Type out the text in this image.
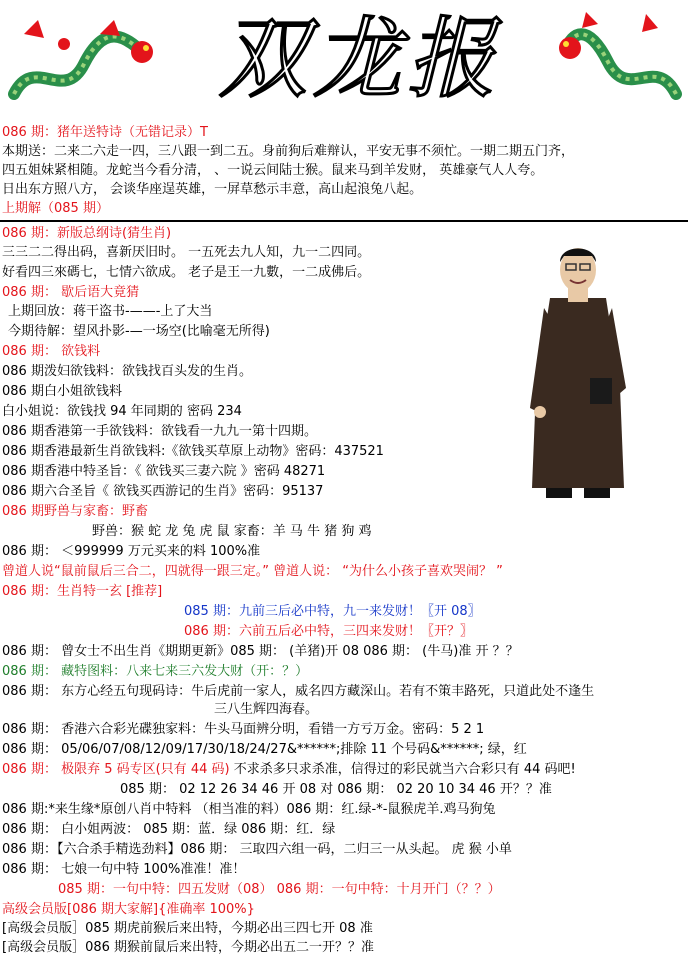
双龙报
086 期：猪年送特诗（无错记录）T
本期送：二来二六走一四，三八跟一到二五。身前狗后难辩认，平安无事不须忙。一期二期五门齐，
四五姐妹紧相随。龙蛇当今看分清， 、一说云间陆士猴。鼠来马到羊发财， 英雄豪气人人夸。
日出东方照八方， 会谈华座逞英雄，一屏草愁示丰意，高山起浪兔八起。
上期解（085 期）
086 期：新版总纲诗(猜生肖)
三三二二得出码，喜新厌旧时。 一五死去九人知，九一二四同。
好看四三來碼七，七情六欲成。 老子是王一九數，一二成佛后。
086 期： 歇后语大竟猜
上期回放：蒋干盗书-——-上了大当
今期待解：望风扑影-—一场空(比喻毫无所得)
086 期： 欲钱料
086 期泼妇欲钱料：欲钱找百头发的生肖。
086 期白小姐欲钱料
白小姐说：欲钱找 94 年同期的 密码 234
086 期香港第一手欲钱料：欲钱看一九九一第十四期。
086 期香港最新生肖欲钱料:《欲钱买草原上动物》密码：437521
086 期香港中特圣旨：《 欲钱买三妻六院 》密码 48271
086 期六合圣旨《 欲钱买西游记的生肖》密码：95137
086 期野兽与家畜：野畜
野兽：猴 蛇 龙 兔 虎 鼠 家畜：羊 马 牛 猪 狗 鸡
086 期： ＜999999 万元买来的料 100%准
曾道人说“鼠前鼠后三合二，四就得一跟三定。” 曾道人说： “为什么小孩子喜欢哭闹？ ”
086 期：生肖特一玄 [推荐]
085 期：九前三后必中特，九一来发财！〖开 08〗
086 期：六前五后必中特，三四来发财！〖开？〗
086 期： 曾女士不出生肖《期期更新》085 期： (羊猪)开 08 086 期： (牛马)准 开 ？？
086 期： 藏特图料：八来七来三六发大财（开：？）
086 期： 东方心经五句现码诗：牛后虎前一家人，威名四方藏深山。若有不策丰路死，只道此处不逢生
三八生辉四海春。
086 期： 香港六合彩光碟独家料：牛头马面辨分明，看错一方亏万金。密码：5 2 1
086 期： 05/06/07/08/12/09/17/30/18/24/27&******;排除 11 个号码&******; 绿，红
086 期： 极限弃 5 码专区(只有 44 码) 不求杀多只求杀准，信得过的彩民就当六合彩只有 44 码吧!
085 期： 02 12 26 34 46 开 08 对 086 期： 02 20 10 34 46 开？？准
086 期:*来生缘*原创八肖中特料 （相当准的料）086 期：红.绿-*-鼠猴虎羊.鸡马狗兔
086 期： 白小姐两波： 085 期：蓝．绿 086 期：红．绿
086 期：【六合杀手精选劲料】086 期： 三取四六组一码，二归三一从头起。 虎 猴 小单
086 期： 七娘一句中特 100%准准！准！
085 期：一句中特：四五发财（08） 086 期：一句中特：十月开门（？？）
高级会员版[086 期大家解]{准确率 100%}
[高级会员版］085 期虎前猴后来出特，今期必出三四七开 08 准
[高级会员版］086 期猴前鼠后来出特，今期必出五二一开？？准
